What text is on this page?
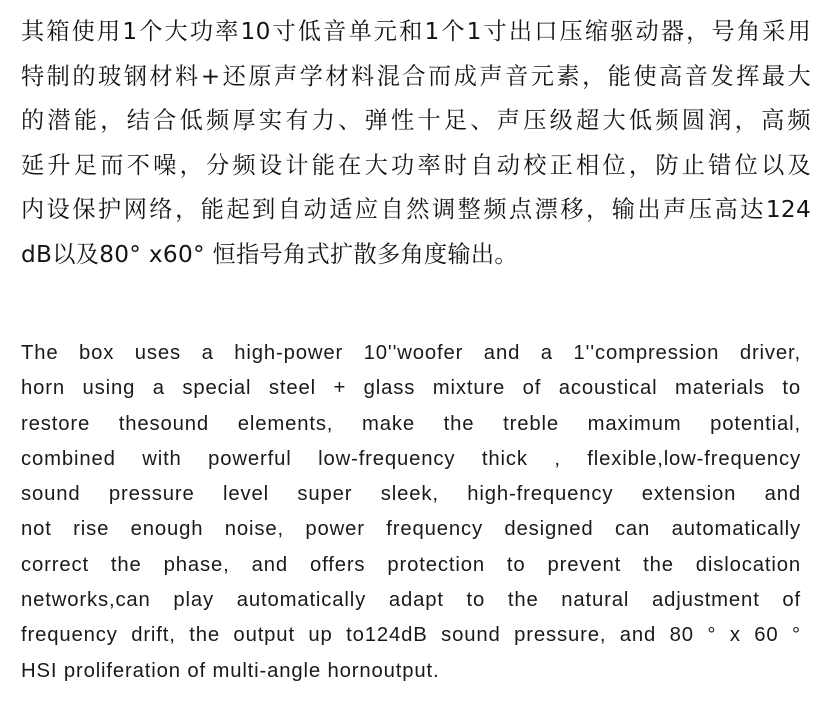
其箱使用1个大功率10寸低音单元和1个1寸出口压缩驱动器，号角采用
特制的玻钢材料+还原声学材料混合而成声音元素，能使高音发挥最大
的潜能，结合低频厚实有力、弹性十足、声压级超大低频圆润，高频
延升足而不噪，分频设计能在大功率时自动校正相位，防止错位以及
内设保护网络，能起到自动适应自然调整频点漂移，输出声压高达124
dB以及80° x60° 恒指号角式扩散多角度输出。
The box uses a high-power 10''woofer and a 1''compression driver,
horn using a special steel + glass mixture of acoustical materials to
restore thesound elements, make the treble maximum potential,
combined with powerful low-frequency thick , flexible,low-frequency
sound pressure level super sleek, high-frequency extension and
not rise enough noise, power frequency designed can automatically
correct the phase, and offers protection to prevent the dislocation
networks,can play automatically adapt to the natural adjustment of
frequency drift, the output up to124dB sound pressure, and 80 ° x 60 °
HSI proliferation of multi-angle hornoutput.
